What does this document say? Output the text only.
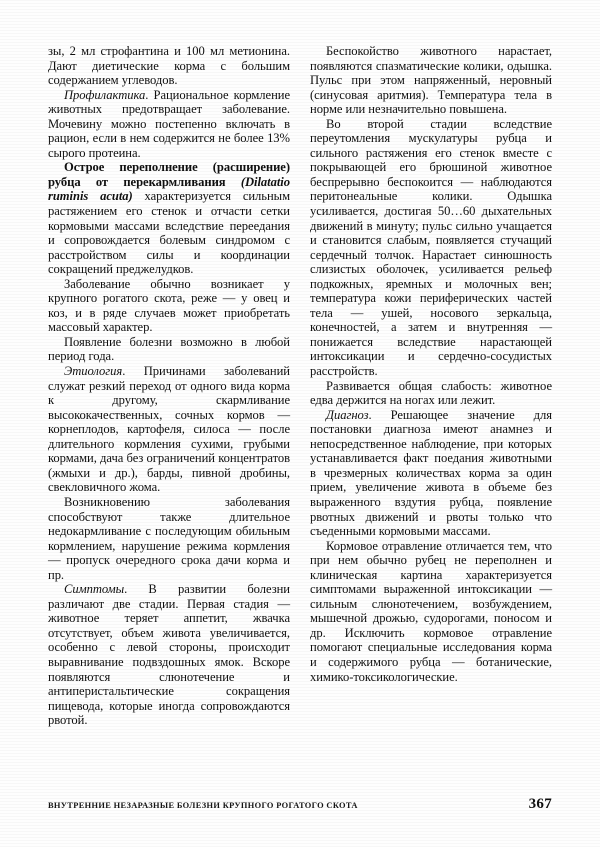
зы, 2 мл строфантина и 100 мл метионина. Дают диетические корма с большим содержанием углеводов.

Профилактика. Рациональное кормление животных предотвращает заболевание. Мочевину можно постепенно включать в рацион, если в нем содержится не более 13% сырого протеина.

Острое переполнение (расширение) рубца от перекармливания (Dilatatio ruminis acuta) характеризуется сильным растяжением его стенок и отчасти сетки кормовыми массами вследствие переедания и сопровождается болевым синдромом с расстройством силы и координации сокращений преджелудков.

Заболевание обычно возникает у крупного рогатого скота, реже — у овец и коз, и в ряде случаев может приобретать массовый характер.

Появление болезни возможно в любой период года.

Этиология. Причинами заболеваний служат резкий переход от одного вида корма к другому, скармливание высококачественных, сочных кормов — корнеплодов, картофеля, силоса — после длительного кормления сухими, грубыми кормами, дача без ограничений концентратов (жмыхи и др.), барды, пивной дробины, свекловичного жома.

Возникновению заболевания способствуют также длительное недокармливание с последующим обильным кормлением, нарушение режима кормления — пропуск очередного срока дачи корма и пр.

Симптомы. В развитии болезни различают две стадии. Первая стадия — животное теряет аппетит, жвачка отсутствует, объем живота увеличивается, особенно с левой стороны, происходит выравнивание подвздошных ямок. Вскоре появляются слюнотечение и антиперистальтические сокращения пищевода, которые иногда сопровождаются рвотой.

Беспокойство животного нарастает, появляются спазматические колики, одышка. Пульс при этом напряженный, неровный (синусовая аритмия). Температура тела в норме или незначительно повышена.

Во второй стадии вследствие переутомления мускулатуры рубца и сильного растяжения его стенок вместе с покрывающей его брюшиной животное беспрерывно беспокоится — наблюдаются перитонеальные колики. Одышка усиливается, достигая 50…60 дыхательных движений в минуту; пульс сильно учащается и становится слабым, появляется стучащий сердечный толчок. Нарастает синюшность слизистых оболочек, усиливается рельеф подкожных, яремных и молочных вен; температура кожи периферических частей тела — ушей, носового зеркальца, конечностей, а затем и внутренняя — понижается вследствие нарастающей интоксикации и сердечно-сосудистых расстройств.

Развивается общая слабость: животное едва держится на ногах или лежит.

Диагноз. Решающее значение для постановки диагноза имеют анамнез и непосредственное наблюдение, при которых устанавливается факт поедания животными в чрезмерных количествах корма за один прием, увеличение живота в объеме без выраженного вздутия рубца, появление рвотных движений и рвоты только что съеденными кормовыми массами.

Кормовое отравление отличается тем, что при нем обычно рубец не переполнен и клиническая картина характеризуется симптомами выраженной интоксикации — сильным слюнотечением, возбуждением, мышечной дрожью, судорогами, поносом и др. Исключить кормовое отравление помогают специальные исследования корма и содержимого рубца — ботанические, химико-токсикологические.

ВНУТРЕННИЕ НЕЗАРАЗНЫЕ БОЛЕЗНИ КРУПНОГО РОГАТОГО СКОТА	367
